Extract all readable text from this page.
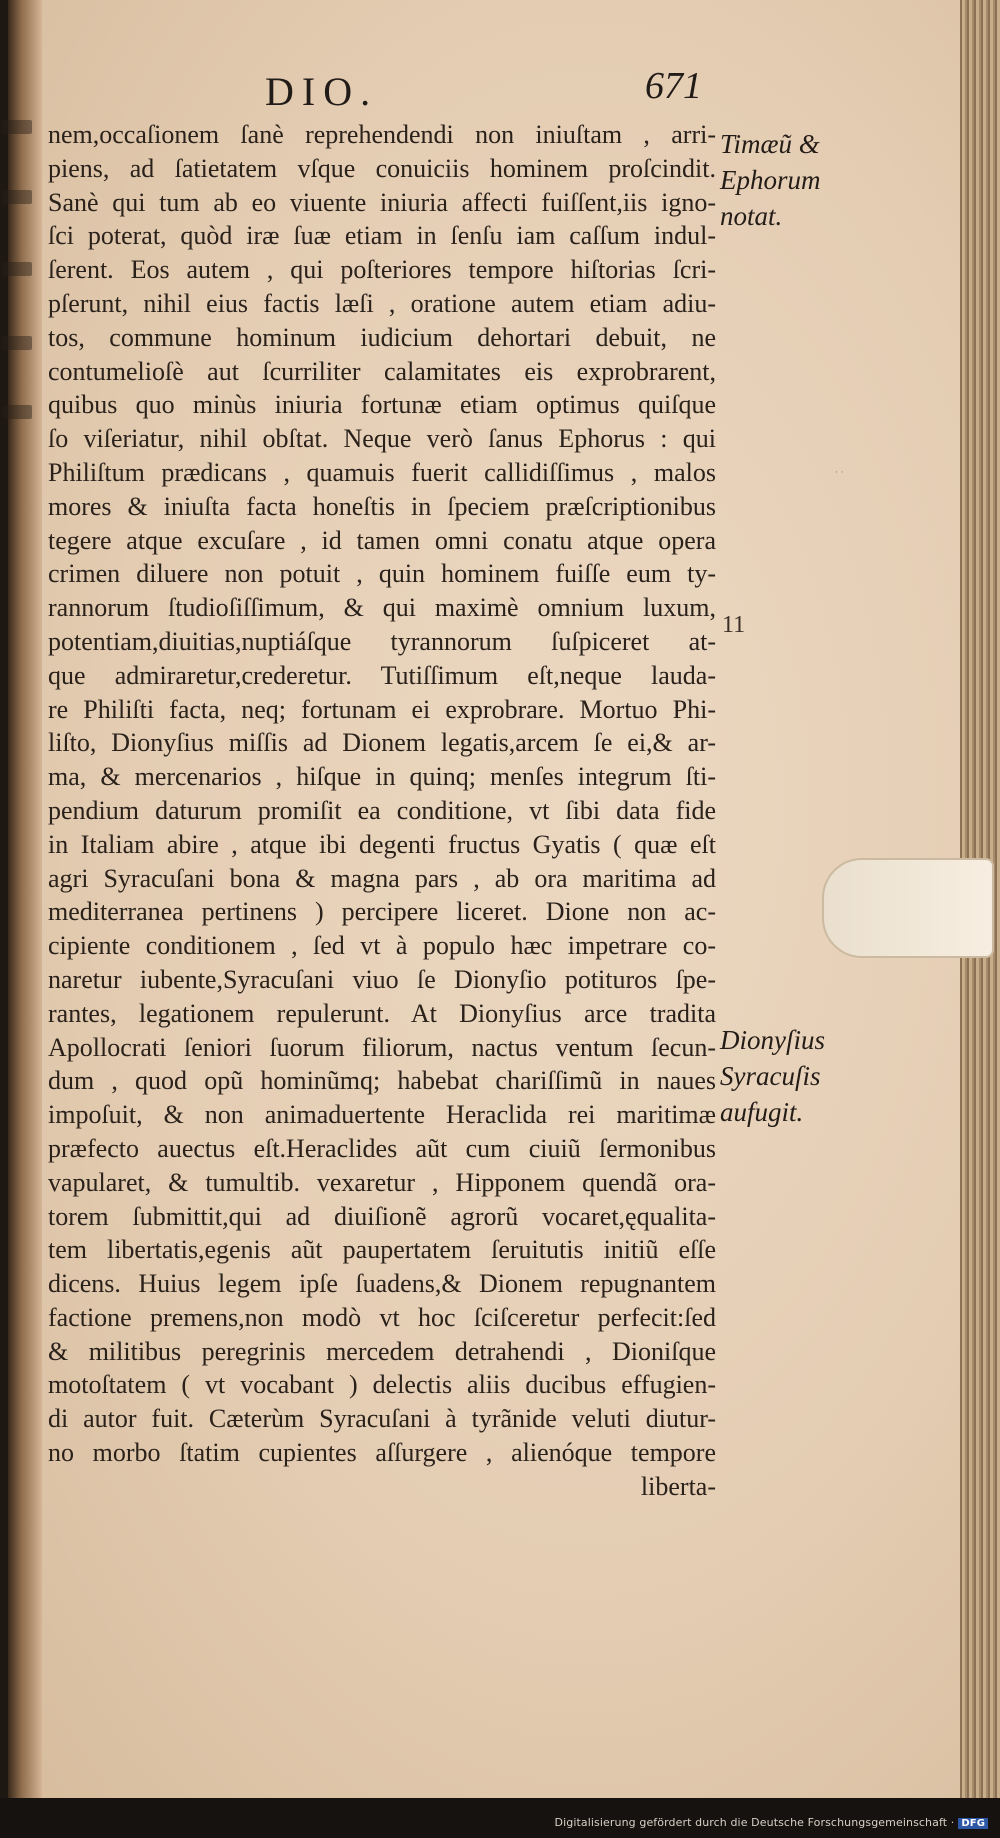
· ·
DIO.	671
nem,occaſionem ſanè reprehendendi non iniuſtam , arri-
piens, ad ſatietatem vſque conuiciis hominem proſcindit.
Sanè qui tum ab eo viuente iniuria affecti fuiſſent,iis igno-
ſci poterat, quòd iræ ſuæ etiam in ſenſu iam caſſum indul-
ſerent. Eos autem , qui poſteriores tempore hiſtorias ſcri-
pſerunt, nihil eius factis læſi , oratione autem etiam adiu-
tos, commune hominum iudicium dehortari debuit, ne
contumelioſè aut ſcurriliter calamitates eis exprobrarent,
quibus quo minùs iniuria fortunæ etiam optimus quiſque
ſo viſeriatur, nihil obſtat. Neque verò ſanus Ephorus : qui
Philiſtum prædicans , quamuis fuerit callidiſſimus , malos
mores & iniuſta facta honeſtis in ſpeciem præſcriptionibus
tegere atque excuſare , id tamen omni conatu atque opera
crimen diluere non potuit , quin hominem fuiſſe eum ty-
rannorum ſtudioſiſſimum, & qui maximè omnium luxum,
potentiam,diuitias,nuptiáſque tyrannorum ſuſpiceret at-
que admiraretur,crederetur. Tutiſſimum eſt,neque lauda-
re Philiſti facta, neq; fortunam ei exprobrare. Mortuo Phi-
liſto, Dionyſius miſſis ad Dionem legatis,arcem ſe ei,& ar-
ma, & mercenarios , hiſque in quinq; menſes integrum ſti-
pendium daturum promiſit ea conditione, vt ſibi data fide
in Italiam abire , atque ibi degenti fructus Gyatis ( quæ eſt
agri Syracuſani bona & magna pars , ab ora maritima ad
mediterranea pertinens ) percipere liceret. Dione non ac-
cipiente conditionem , ſed vt à populo hæc impetrare co-
naretur iubente,Syracuſani viuo ſe Dionyſio potituros ſpe-
rantes, legationem repulerunt. At Dionyſius arce tradita
Apollocrati ſeniori ſuorum filiorum, nactus ventum ſecun-
dum , quod opũ hominũmq; habebat chariſſimũ in naues
impoſuit, & non animaduertente Heraclida rei maritimæ
præfecto auectus eſt.Heraclides aũt cum ciuiũ ſermonibus
vapularet, & tumultib. vexaretur , Hipponem quendã ora-
torem ſubmittit,qui ad diuiſionẽ agrorũ vocaret,ęqualita-
tem libertatis,egenis aũt paupertatem ſeruitutis initiũ eſſe
dicens. Huius legem ipſe ſuadens,& Dionem repugnantem
factione premens,non modò vt hoc ſciſceretur perfecit:ſed
& militibus peregrinis mercedem detrahendi , Dioniſque
motoſtatem ( vt vocabant ) delectis aliis ducibus effugien-
di autor fuit. Cæterùm Syracuſani à tyrãnide veluti diutur-
no morbo ſtatim cupientes aſſurgere , alienóque tempore
liberta-
Timæũ &
Ephorum
notat.
11
Dionyſius
Syracuſis
aufugit.
Digitalisierung gefördert durch die Deutsche Forschungsgemeinschaft · DFG
